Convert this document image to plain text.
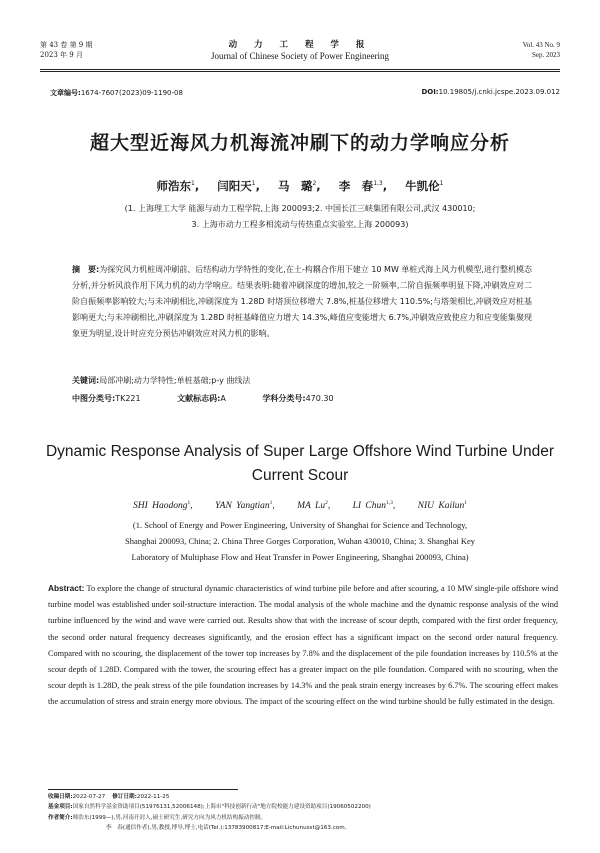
第 43 卷 第 9 期
2023 年 9 月
动 力 工 程 学 报
Journal of Chinese Society of Power Engineering
Vol. 43 No. 9
Sep. 2023
文章编号:1674-7607(2023)09-1190-08	DOI:10.19805/j.cnki.jcspe.2023.09.012
超大型近海风力机海流冲刷下的动力学响应分析
师浩东$^1$, 闫阳天$^1$, 马　璐$^2$, 李　春$^{1,3}$, 牛凯伦$^1$
(1. 上海理工大学 能源与动力工程学院,上海 200093;2. 中国长江三峡集团有限公司,武汉 430010;
3. 上海市动力工程多相流动与传热重点实验室,上海 200093)
摘　要:为探究风力机桩周冲刷前、后结构动力学特性的变化,在土-构耦合作用下建立 10 MW 单桩式海上风力机模型,进行整机模态分析,并分析风浪作用下风力机的动力学响应。结果表明:随着冲刷深度的增加,较之一阶频率,二阶自振频率明显下降,冲刷效应对二阶自振频率影响较大;与未冲刷相比,冲刷深度为 1.28D 时塔顶位移增大 7.8%,桩基位移增大 110.5%;与塔架相比,冲刷效应对桩基影响更大;与未冲刷相比,冲刷深度为 1.28D 时桩基峰值应力增大 14.3%,峰值应变能增大 6.7%,冲刷效应致使应力和应变能集聚现象更为明显,设计时应充分预估冲刷效应对风力机的影响。
关键词:局部冲刷;动力学特性;单桩基础;p-y 曲线法
中图分类号:TK221	文献标志码:A	学科分类号:470.30
Dynamic Response Analysis of Super Large Offshore Wind Turbine Under Current Scour
SHI Haodong$^1$, YAN Yangtian$^1$, MA Lu$^2$, LI Chun$^{1,3}$, NIU Kailun$^1$
(1. School of Energy and Power Engineering, University of Shanghai for Science and Technology,
Shanghai 200093, China; 2. China Three Gorges Corporation, Wuhan 430010, China; 3. Shanghai Key
Laboratory of Multiphase Flow and Heat Transfer in Power Engineering, Shanghai 200093, China)
Abstract: To explore the change of structural dynamic characteristics of wind turbine pile before and after scouring, a 10 MW single-pile offshore wind turbine model was established under soil-structure interaction. The modal analysis of the whole machine and the dynamic response analysis of the wind turbine influenced by the wind and wave were carried out. Results show that with the increase of scour depth, compared with the first order frequency, the second order natural frequency decreases significantly, and the erosion effect has a significant impact on the second order natural frequency. Compared with no scouring, the displacement of the tower top increases by 7.8% and the displacement of the pile foundation increases by 110.5% at the scour depth of 1.28D. Compared with the tower, the scouring effect has a greater impact on the pile foundation. Compared with no scouring, when the scour depth is 1.28D, the peak stress of the pile foundation increases by 14.3% and the peak strain energy increases by 6.7%. The scouring effect makes the accumulation of stress and strain energy more obvious. The impact of the scouring effect on the wind turbine should be fully estimated in the design.
收稿日期:2022-07-27 修订日期:2022-11-25
基金项目:国家自然科学基金资助项目(51976131,52006148);上海市"科技创新行动"地方院校能力建设资助项目(19060502200)
作者简介:师浩东(1999—),男,河南开封人,硕士研究生,研究方向为风力机结构振动控制。
李　春(通信作者),男,教授,博导,博士,电话(Tel.):13783900817;E-mail:Lichunusst@163.com。
